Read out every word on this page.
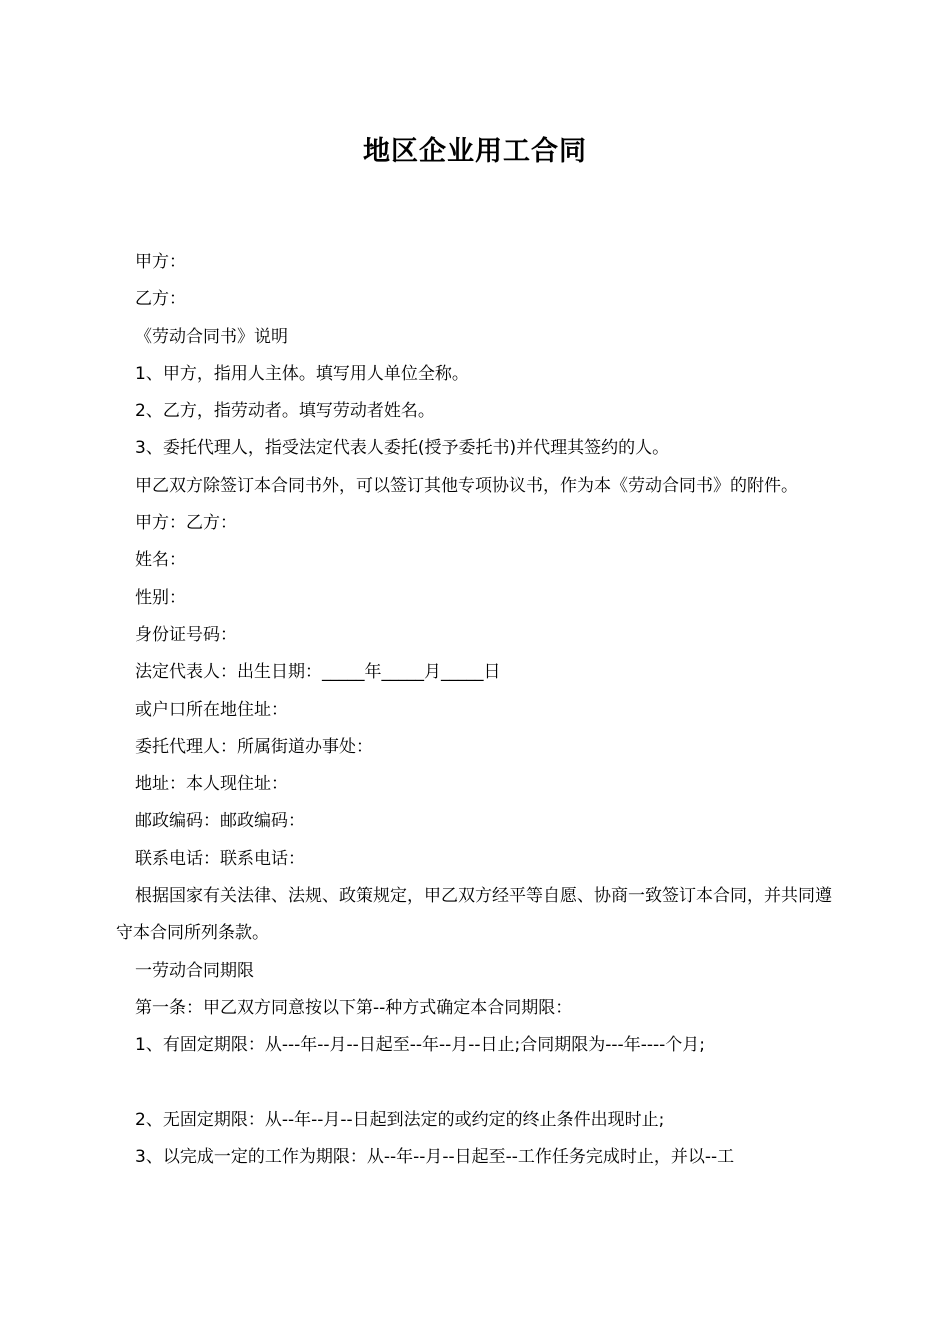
地区企业用工合同

甲方：

乙方：

《劳动合同书》说明

1、甲方，指用人主体。填写用人单位全称。

2、乙方，指劳动者。填写劳动者姓名。

3、委托代理人，指受法定代表人委托(授予委托书)并代理其签约的人。

甲乙双方除签订本合同书外，可以签订其他专项协议书，作为本《劳动合同书》的附件。

甲方：乙方：

姓名：

性别：

身份证号码：

法定代表人：出生日期：_____年_____月_____日

或户口所在地住址：

委托代理人：所属街道办事处：

地址：本人现住址：

邮政编码：邮政编码：

联系电话：联系电话：

根据国家有关法律、法规、政策规定，甲乙双方经平等自愿、协商一致签订本合同，并共同遵守本合同所列条款。

一劳动合同期限

第一条：甲乙双方同意按以下第--种方式确定本合同期限：

1、有固定期限：从---年--月--日起至--年--月--日止;合同期限为---年----个月;

2、无固定期限：从--年--月--日起到法定的或约定的终止条件出现时止;

3、以完成一定的工作为期限：从--年--月--日起至--工作任务完成时止，并以--工
